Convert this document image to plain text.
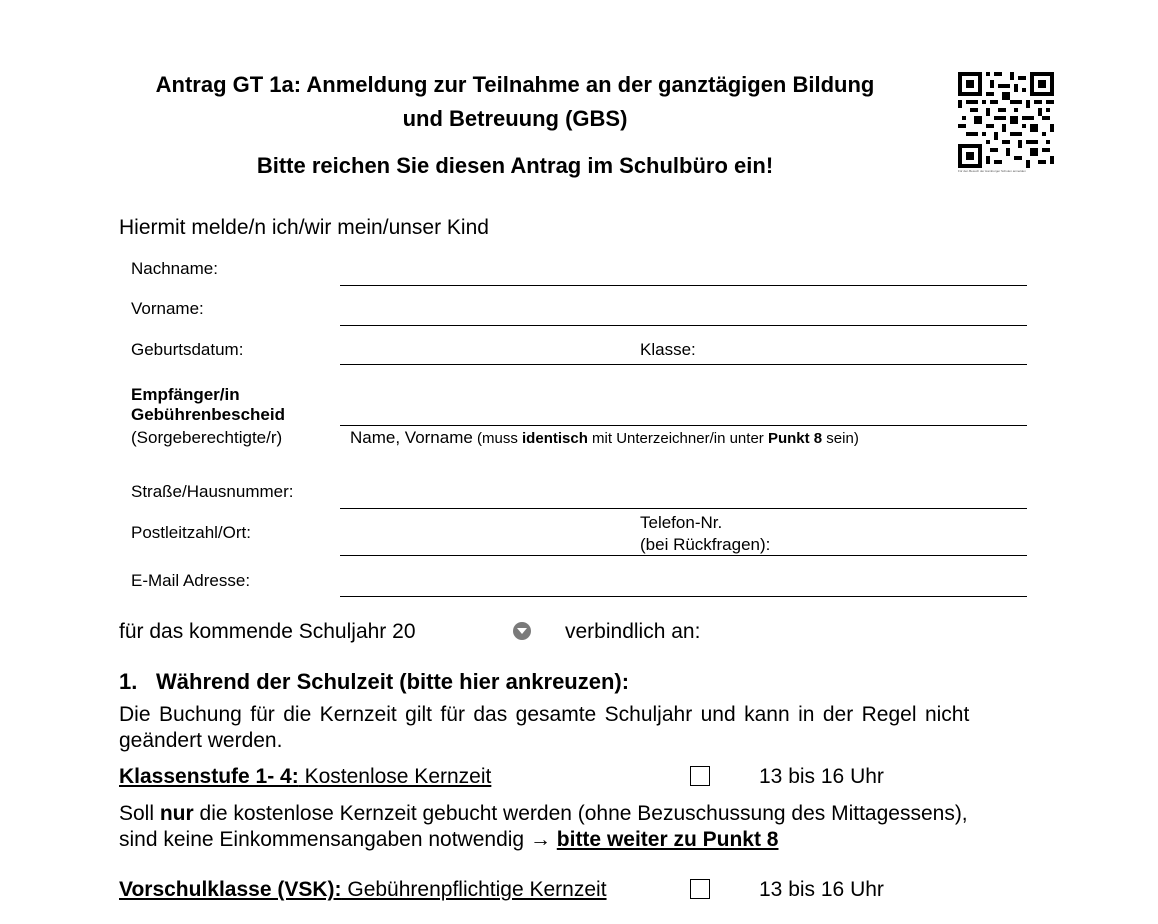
Antrag GT 1a: Anmeldung zur Teilnahme an der ganztägigen Bildung
und Betreuung (GBS)
Bitte reichen Sie diesen Antrag im Schulbüro ein!	Für den Besuch der Hamburger Schulen anmelden
Hiermit melde/n ich/wir mein/unser Kind
Nachname:
Vorname:
Geburtsdatum:	Klasse:
Empfänger/in
Gebührenbescheid
(Sorgeberechtigte/r)	Name, Vorname (muss identisch mit Unterzeichner/in unter Punkt 8 sein)
Straße/Hausnummer:
Postleitzahl/Ort:
Telefon-Nr.
(bei Rückfragen):
E-Mail Adresse:
für das kommende Schuljahr 20	verbindlich an:
1. Während der Schulzeit (bitte hier ankreuzen):
Die Buchung für die Kernzeit gilt für das gesamte Schuljahr und kann in der Regel nicht
geändert werden.
Klassenstufe 1- 4: Kostenlose Kernzeit	13 bis 16 Uhr
Soll nur die kostenlose Kernzeit gebucht werden (ohne Bezuschussung des Mittagessens),
sind keine Einkommensangaben notwendig → bitte weiter zu Punkt 8
Vorschulklasse (VSK): Gebührenpflichtige Kernzeit	13 bis 16 Uhr
